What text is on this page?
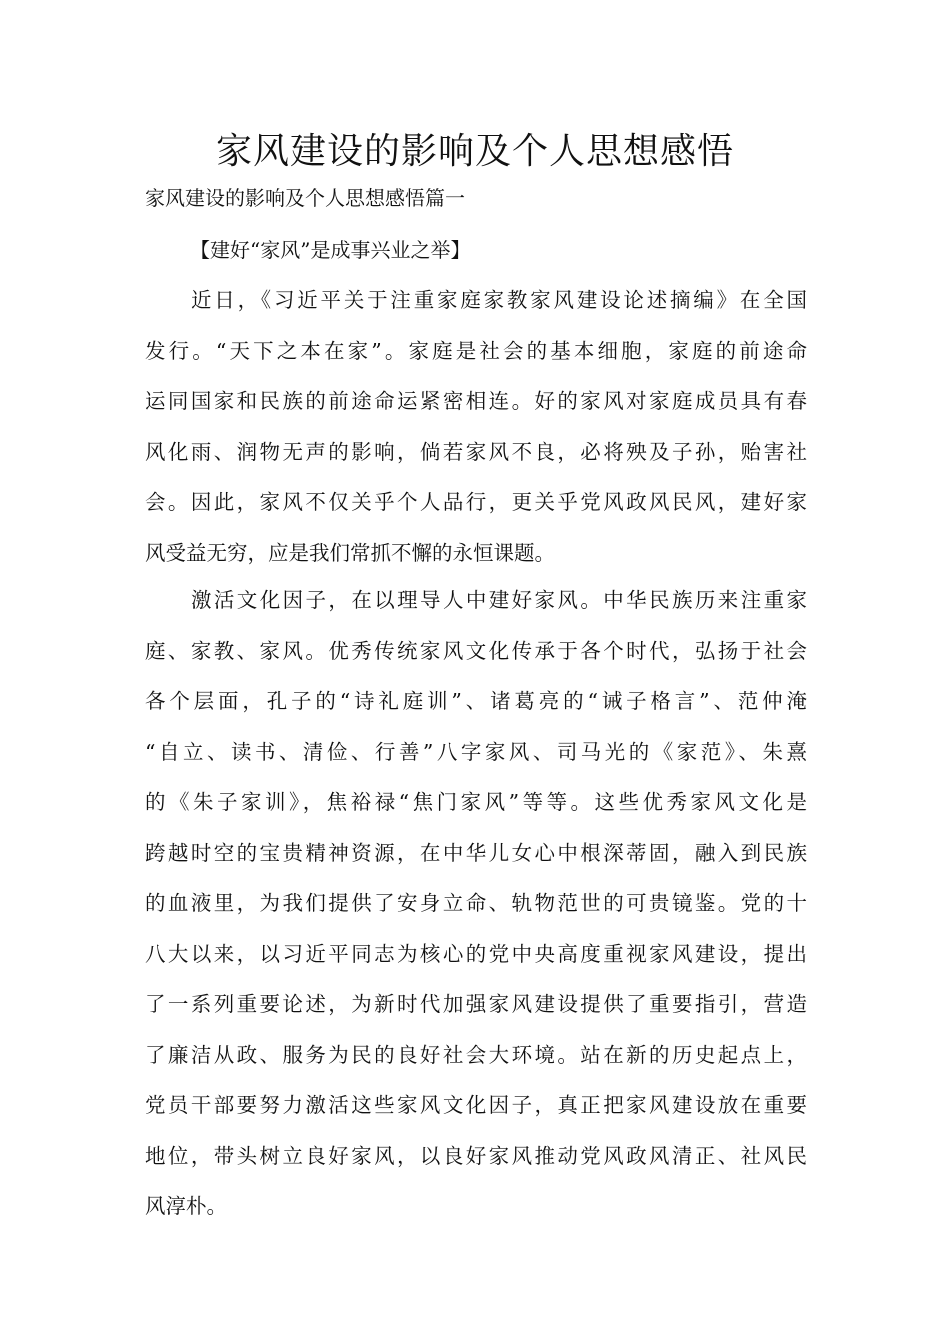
家风建设的影响及个人思想感悟
家风建设的影响及个人思想感悟篇一
【建好“家风”是成事兴业之举】
近日，《习近平关于注重家庭家教家风建设论述摘编》在全国
发行。“天下之本在家”。家庭是社会的基本细胞，家庭的前途命
运同国家和民族的前途命运紧密相连。好的家风对家庭成员具有春
风化雨、润物无声的影响，倘若家风不良，必将殃及子孙，贻害社
会。因此，家风不仅关乎个人品行，更关乎党风政风民风，建好家
风受益无穷，应是我们常抓不懈的永恒课题。
激活文化因子，在以理导人中建好家风。中华民族历来注重家
庭、家教、家风。优秀传统家风文化传承于各个时代，弘扬于社会
各个层面，孔子的“诗礼庭训”、诸葛亮的“诫子格言”、范仲淹
“自立、读书、清俭、行善”八字家风、司马光的《家范》、朱熹
的《朱子家训》，焦裕禄“焦门家风”等等。这些优秀家风文化是
跨越时空的宝贵精神资源，在中华儿女心中根深蒂固，融入到民族
的血液里，为我们提供了安身立命、轨物范世的可贵镜鉴。党的十
八大以来，以习近平同志为核心的党中央高度重视家风建设，提出
了一系列重要论述，为新时代加强家风建设提供了重要指引，营造
了廉洁从政、服务为民的良好社会大环境。站在新的历史起点上，
党员干部要努力激活这些家风文化因子，真正把家风建设放在重要
地位，带头树立良好家风，以良好家风推动党风政风清正、社风民
风淳朴。
